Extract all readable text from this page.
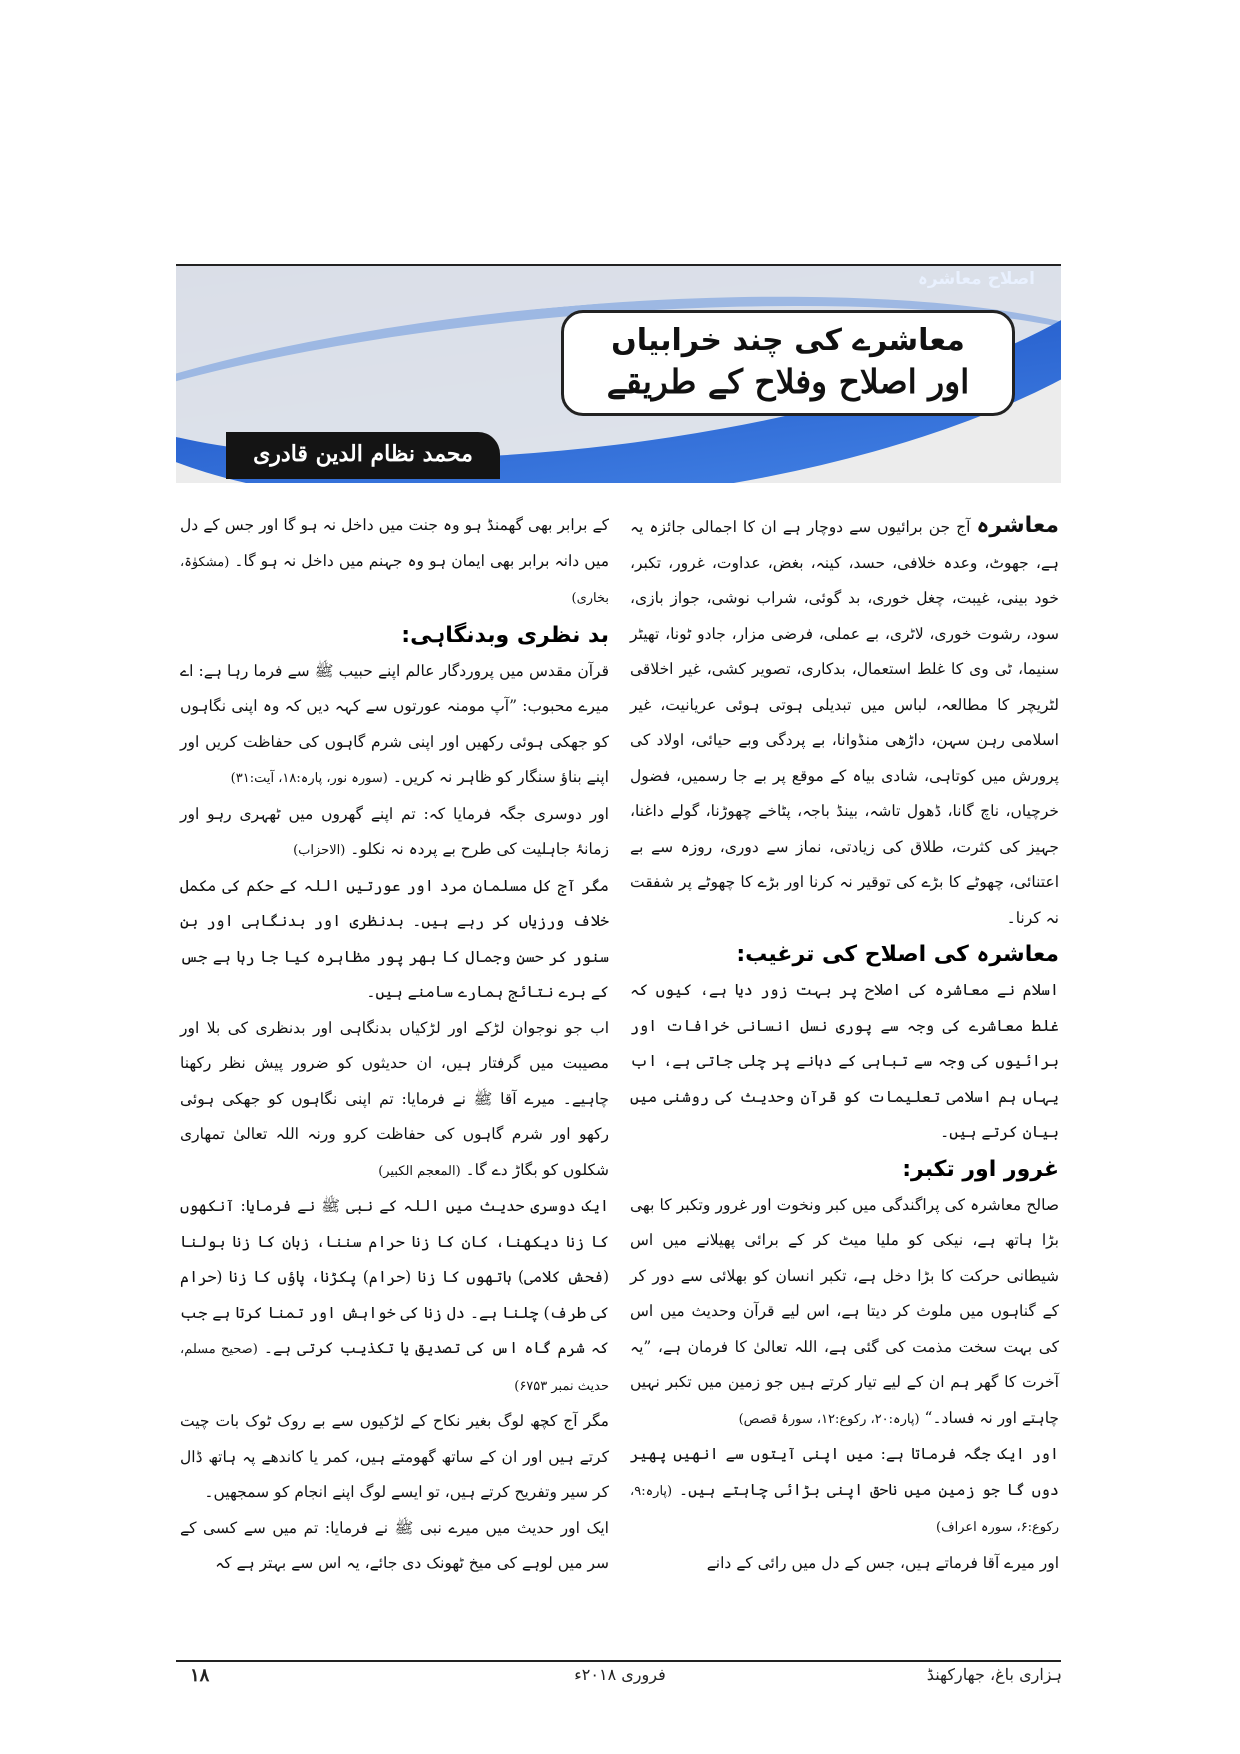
اصلاح معاشرہ
معاشرے کی چند خرابیاں
اور اصلاح وفلاح کے طریقے
محمد نظام الدین قادری

معاشرہ آج جن برائیوں سے دوچار ہے ان کا اجمالی جائزہ یہ ہے، جھوٹ، وعدہ خلافی، حسد، کینہ، بغض، عداوت، غرور، تکبر، خود بینی، غیبت، چغل خوری، بد گوئی، شراب نوشی، جواز بازی، سود، رشوت خوری، لاٹری، بے عملی، فرضی مزار، جادو ٹونا، تھیٹر سنیما، ٹی وی کا غلط استعمال، بدکاری، تصویر کشی، غیر اخلاقی لٹریچر کا مطالعہ، لباس میں تبدیلی ہوتی ہوئی عریانیت، غیر اسلامی رہن سہن، داڑھی منڈوانا، بے پردگی وبے حیائی، اولاد کی پرورش میں کوتاہی، شادی بیاہ کے موقع پر بے جا رسمیں، فضول خرچیاں، ناچ گانا، ڈھول تاشہ، بینڈ باجہ، پٹاخے چھوڑنا، گولے داغنا، جہیز کی کثرت، طلاق کی زیادتی، نماز سے دوری، روزہ سے بے اعتنائی، چھوٹے کا بڑے کی توقیر نہ کرنا اور بڑے کا چھوٹے پر شفقت نہ کرنا۔

معاشرہ کی اصلاح کی ترغیب:

اسلام نے معاشرہ کی اصلاح پر بہت زور دیا ہے، کیوں کہ غلط معاشرے کی وجہ سے پوری نسل انسانی خرافات اور برائیوں کی وجہ سے تباہی کے دہانے پر چلی جاتی ہے، اب یہاں ہم اسلامی تعلیمات کو قرآن وحدیث کی روشنی میں بیان کرتے ہیں۔

غرور اور تکبر:

صالح معاشرہ کی پراگندگی میں کبر ونخوت اور غرور وتکبر کا بھی بڑا ہاتھ ہے، نیکی کو ملیا میٹ کر کے برائی پھیلانے میں اس شیطانی حرکت کا بڑا دخل ہے، تکبر انسان کو بھلائی سے دور کر کے گناہوں میں ملوث کر دیتا ہے، اس لیے قرآن وحدیث میں اس کی بہت سخت مذمت کی گئی ہے، اللہ تعالیٰ کا فرمان ہے، ”یہ آخرت کا گھر ہم ان کے لیے تیار کرتے ہیں جو زمین میں تکبر نہیں چاہتے اور نہ فساد۔“ (پارہ:۲۰، رکوع:۱۲، سورۂ قصص)

اور ایک جگہ فرماتا ہے: میں اپنی آیتوں سے انھیں پھیر دوں گا جو زمین میں ناحق اپنی بڑائی چاہتے ہیں۔ (پارہ:۹، رکوع:۶، سورہ اعراف)

اور میرے آقا فرماتے ہیں، جس کے دل میں رائی کے دانے

کے برابر بھی گھمنڈ ہو وہ جنت میں داخل نہ ہو گا اور جس کے دل میں دانہ برابر بھی ایمان ہو وہ جہنم میں داخل نہ ہو گا۔ (مشکوٰۃ، بخاری)

بد نظری وبدنگاہی:

قرآن مقدس میں پروردگار عالم اپنے حبیب ﷺ سے فرما رہا ہے: اے میرے محبوب: ”آپ مومنہ عورتوں سے کہہ دیں کہ وہ اپنی نگاہوں کو جھکی ہوئی رکھیں اور اپنی شرم گاہوں کی حفاظت کریں اور اپنے بناؤ سنگار کو ظاہر نہ کریں۔ (سورہ نور، پارہ:۱۸، آیت:۳۱)

اور دوسری جگہ فرمایا کہ: تم اپنے گھروں میں ٹھہری رہو اور زمانۂ جاہلیت کی طرح بے پردہ نہ نکلو۔ (الاحزاب)

مگر آج کل مسلمان مرد اور عورتیں اللہ کے حکم کی مکمل خلاف ورزیاں کر رہے ہیں۔ بدنظری اور بدنگاہی اور بن سنور کر حسن وجمال کا بھر پور مظاہرہ کیا جا رہا ہے جس کے برے نتائج ہمارے سامنے ہیں۔

اب جو نوجوان لڑکے اور لڑکیاں بدنگاہی اور بدنظری کی بلا اور مصیبت میں گرفتار ہیں، ان حدیثوں کو ضرور پیش نظر رکھنا چاہیے۔ میرے آقا ﷺ نے فرمایا: تم اپنی نگاہوں کو جھکی ہوئی رکھو اور شرم گاہوں کی حفاظت کرو ورنہ اللہ تعالیٰ تمھاری شکلوں کو بگاڑ دے گا۔ (المعجم الکبیر)

ایک دوسری حدیث میں اللہ کے نبی ﷺ نے فرمایا: آنکھوں کا زنا دیکھنا، کان کا زنا حرام سننا، زبان کا زنا بولنا (فحش کلامی) ہاتھوں کا زنا (حرام) پکڑنا، پاؤں کا زنا (حرام کی طرف) چلنا ہے۔ دل زنا کی خواہش اور تمنا کرتا ہے جب کہ شرم گاہ اس کی تصدیق یا تکذیب کرتی ہے۔ (صحیح مسلم، حدیث نمبر ۶۷۵۳)

مگر آج کچھ لوگ بغیر نکاح کے لڑکیوں سے بے روک ٹوک بات چیت کرتے ہیں اور ان کے ساتھ گھومتے ہیں، کمر یا کاندھے پہ ہاتھ ڈال کر سیر وتفریح کرتے ہیں، تو ایسے لوگ اپنے انجام کو سمجھیں۔

ایک اور حدیث میں میرے نبی ﷺ نے فرمایا: تم میں سے کسی کے سر میں لوہے کی میخ ٹھونک دی جائے، یہ اس سے بہتر ہے کہ

ہزاری باغ، جھارکھنڈ
فروری ۲۰۱۸ء
۱۸
